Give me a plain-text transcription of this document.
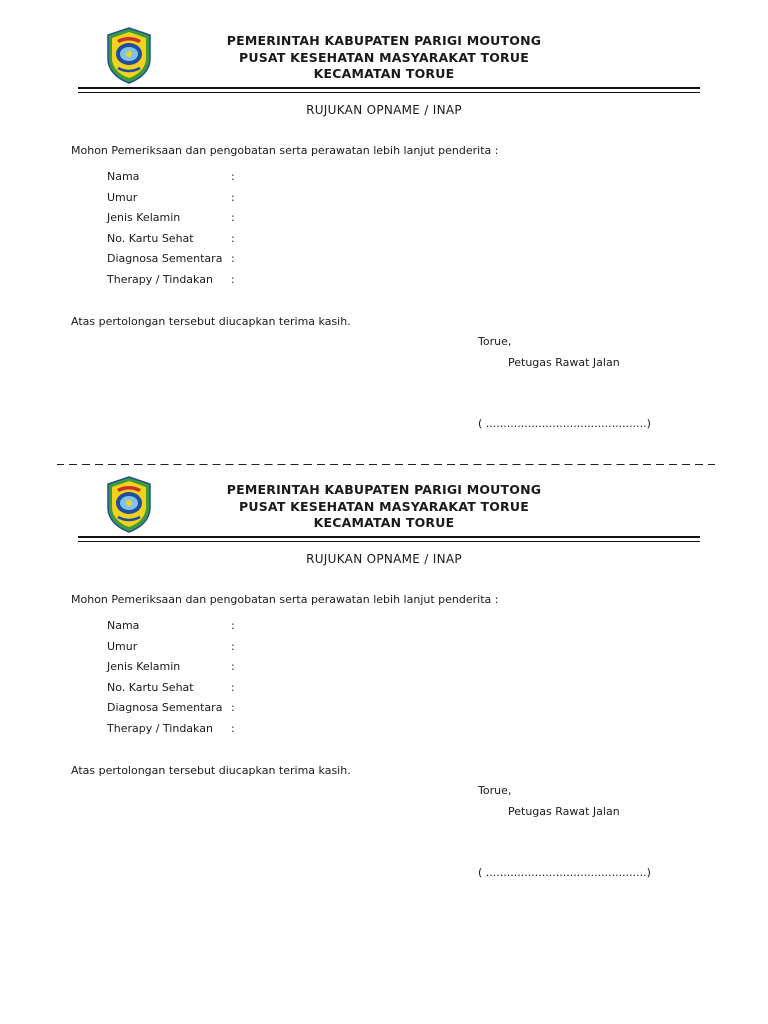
PEMERINTAH KABUPATEN PARIGI MOUTONG
PUSAT KESEHATAN MASYARAKAT TORUE
KECAMATAN TORUE
RUJUKAN OPNAME / INAP
Mohon Pemeriksaan dan pengobatan serta perawatan lebih lanjut penderita :
Nama	:
Umur	:
Jenis Kelamin	:
No. Kartu Sehat	:
Diagnosa Sementara :
Therapy / Tindakan :
Atas pertolongan tersebut diucapkan terima kasih.
Torue,
Petugas Rawat Jalan
( ..............................................)
PEMERINTAH KABUPATEN PARIGI MOUTONG
PUSAT KESEHATAN MASYARAKAT TORUE
KECAMATAN TORUE
RUJUKAN OPNAME / INAP
Mohon Pemeriksaan dan pengobatan serta perawatan lebih lanjut penderita :
Nama	:
Umur	:
Jenis Kelamin	:
No. Kartu Sehat	:
Diagnosa Sementara :
Therapy / Tindakan :
Atas pertolongan tersebut diucapkan terima kasih.
Torue,
Petugas Rawat Jalan
( ..............................................)
